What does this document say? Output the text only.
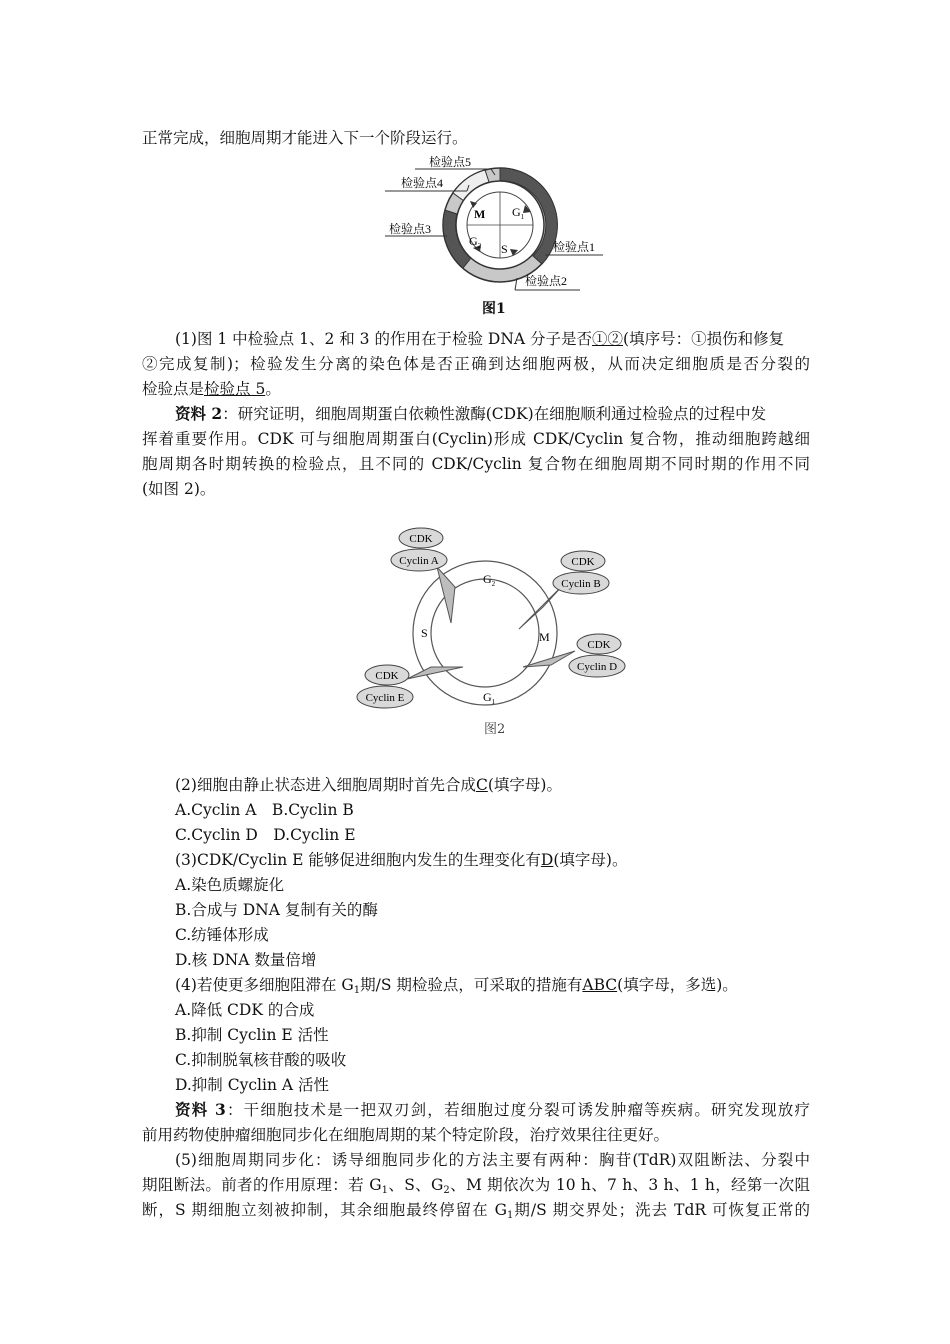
正常完成，细胞周期才能进入下一个阶段运行。
M $G_1$
$G_2$ S
检验点5
检验点4
检验点3
检验点1
检验点2
图1
(1)图 1 中检验点 1、2 和 3 的作用在于检验 DNA 分子是否①②(填序号：①损伤和修复
②完成复制)；检验发生分离的染色体是否正确到达细胞两极，从而决定细胞质是否分裂的
检验点是检验点 5。
资料 2：研究证明，细胞周期蛋白依赖性激酶(CDK)在细胞顺利通过检验点的过程中发
挥着重要作用。CDK 可与细胞周期蛋白(Cyclin)形成 CDK/Cyclin 复合物，推动细胞跨越细
胞周期各时期转换的检验点，且不同的 CDK/Cyclin 复合物在细胞周期不同时期的作用不同
(如图 2)。
$G_2$
M
S
$G_1$
CDK
Cyclin A	CDK
Cyclin B
CDK
Cyclin D
CDK
Cyclin E
图2
(2)细胞由静止状态进入细胞周期时首先合成C(填字母)。
A.Cyclin A　B.Cyclin B
C.Cyclin D　D.Cyclin E
(3)CDK/Cyclin E 能够促进细胞内发生的生理变化有D(填字母)。
A.染色质螺旋化
B.合成与 DNA 复制有关的酶
C.纺锤体形成
D.核 DNA 数量倍增
(4)若使更多细胞阻滞在 $G_1$期/S 期检验点，可采取的措施有ABC(填字母，多选)。
A.降低 CDK 的合成
B.抑制 Cyclin E 活性
C.抑制脱氧核苷酸的吸收
D.抑制 Cyclin A 活性
资料 3：干细胞技术是一把双刃剑，若细胞过度分裂可诱发肿瘤等疾病。研究发现放疗
前用药物使肿瘤细胞同步化在细胞周期的某个特定阶段，治疗效果往往更好。
(5)细胞周期同步化：诱导细胞同步化的方法主要有两种：胸苷(TdR)双阻断法、分裂中
期阻断法。前者的作用原理：若 $G_1$、S、$G_2$、M 期依次为 10 h、7 h、3 h、1 h，经第一次阻
断，S 期细胞立刻被抑制，其余细胞最终停留在 $G_1$期/S 期交界处；洗去 TdR 可恢复正常的
